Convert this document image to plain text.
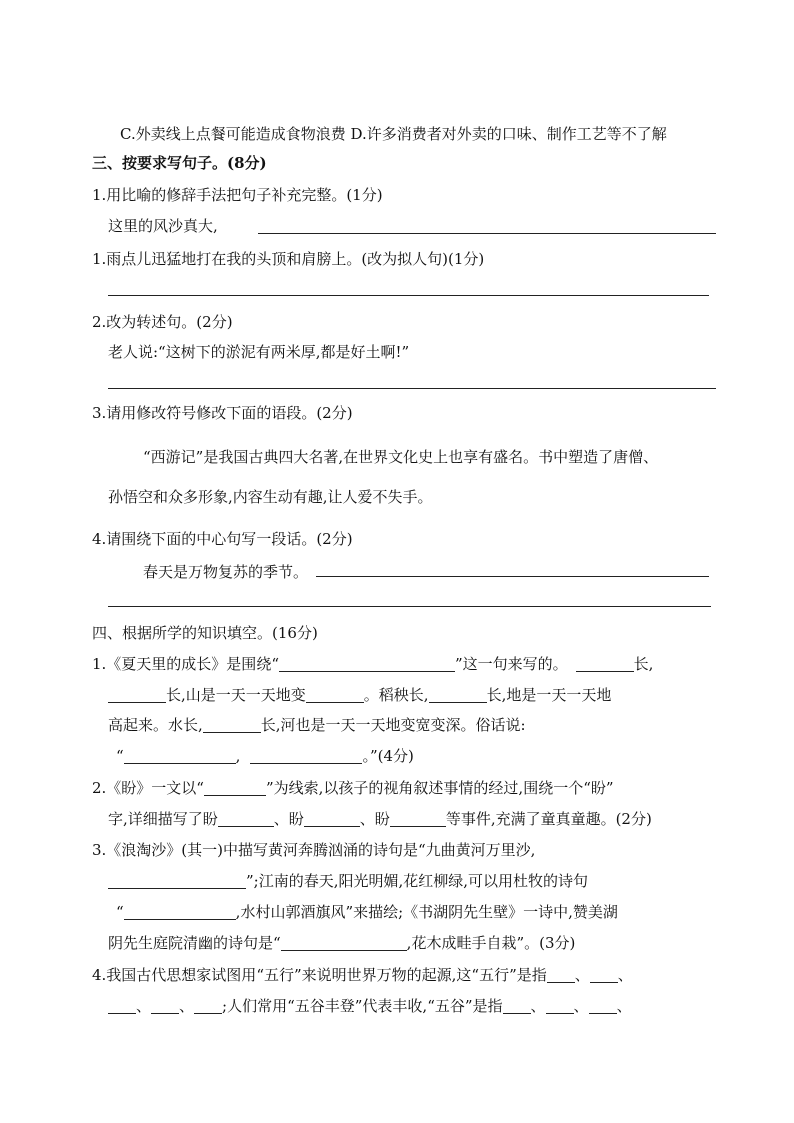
C.外卖线上点餐可能造成食物浪费 D.许多消费者对外卖的口味、制作工艺等不了解
三、按要求写句子。(8分)
1.用比喻的修辞手法把句子补充完整。(1分)
这里的风沙真大,
1.雨点儿迅猛地打在我的头顶和肩膀上。(改为拟人句)(1分)
2.改为转述句。(2分)
老人说:“这树下的淤泥有两米厚,都是好土啊!”
3.请用修改符号修改下面的语段。(2分)
“西游记”是我国古典四大名著,在世界文化史上也享有盛名。书中塑造了唐僧、
孙悟空和众多形象,内容生动有趣,让人爱不失手。
4.请围绕下面的中心句写一段话。(2分)
春天是万物复苏的季节。
四、根据所学的知识填空。(16分)
1.《夏天里的成长》是围绕“	”这一句来写的。	长,
长,山是一天一天地变	。稻秧长,	长,地是一天一天地
高起来。水长,	长,河也是一天一天地变宽变深。俗话说:
“	,	。”(4分)
2.《盼》一文以“	”为线索,以孩子的视角叙述事情的经过,围绕一个“盼”
字,详细描写了盼	、盼	、盼	等事件,充满了童真童趣。(2分)
3.《浪淘沙》(其一)中描写黄河奔腾汹涌的诗句是“九曲黄河万里沙,
”;江南的春天,阳光明媚,花红柳绿,可以用杜牧的诗句
“	,水村山郭酒旗风”来描绘;《书湖阴先生壁》一诗中,赞美湖
阴先生庭院清幽的诗句是“	,花木成畦手自栽”。(3分)
4.我国古代思想家试图用“五行”来说明世界万物的起源,这“五行”是指 、 、
、 、 ;人们常用“五谷丰登”代表丰收,“五谷”是指 、 、 、
